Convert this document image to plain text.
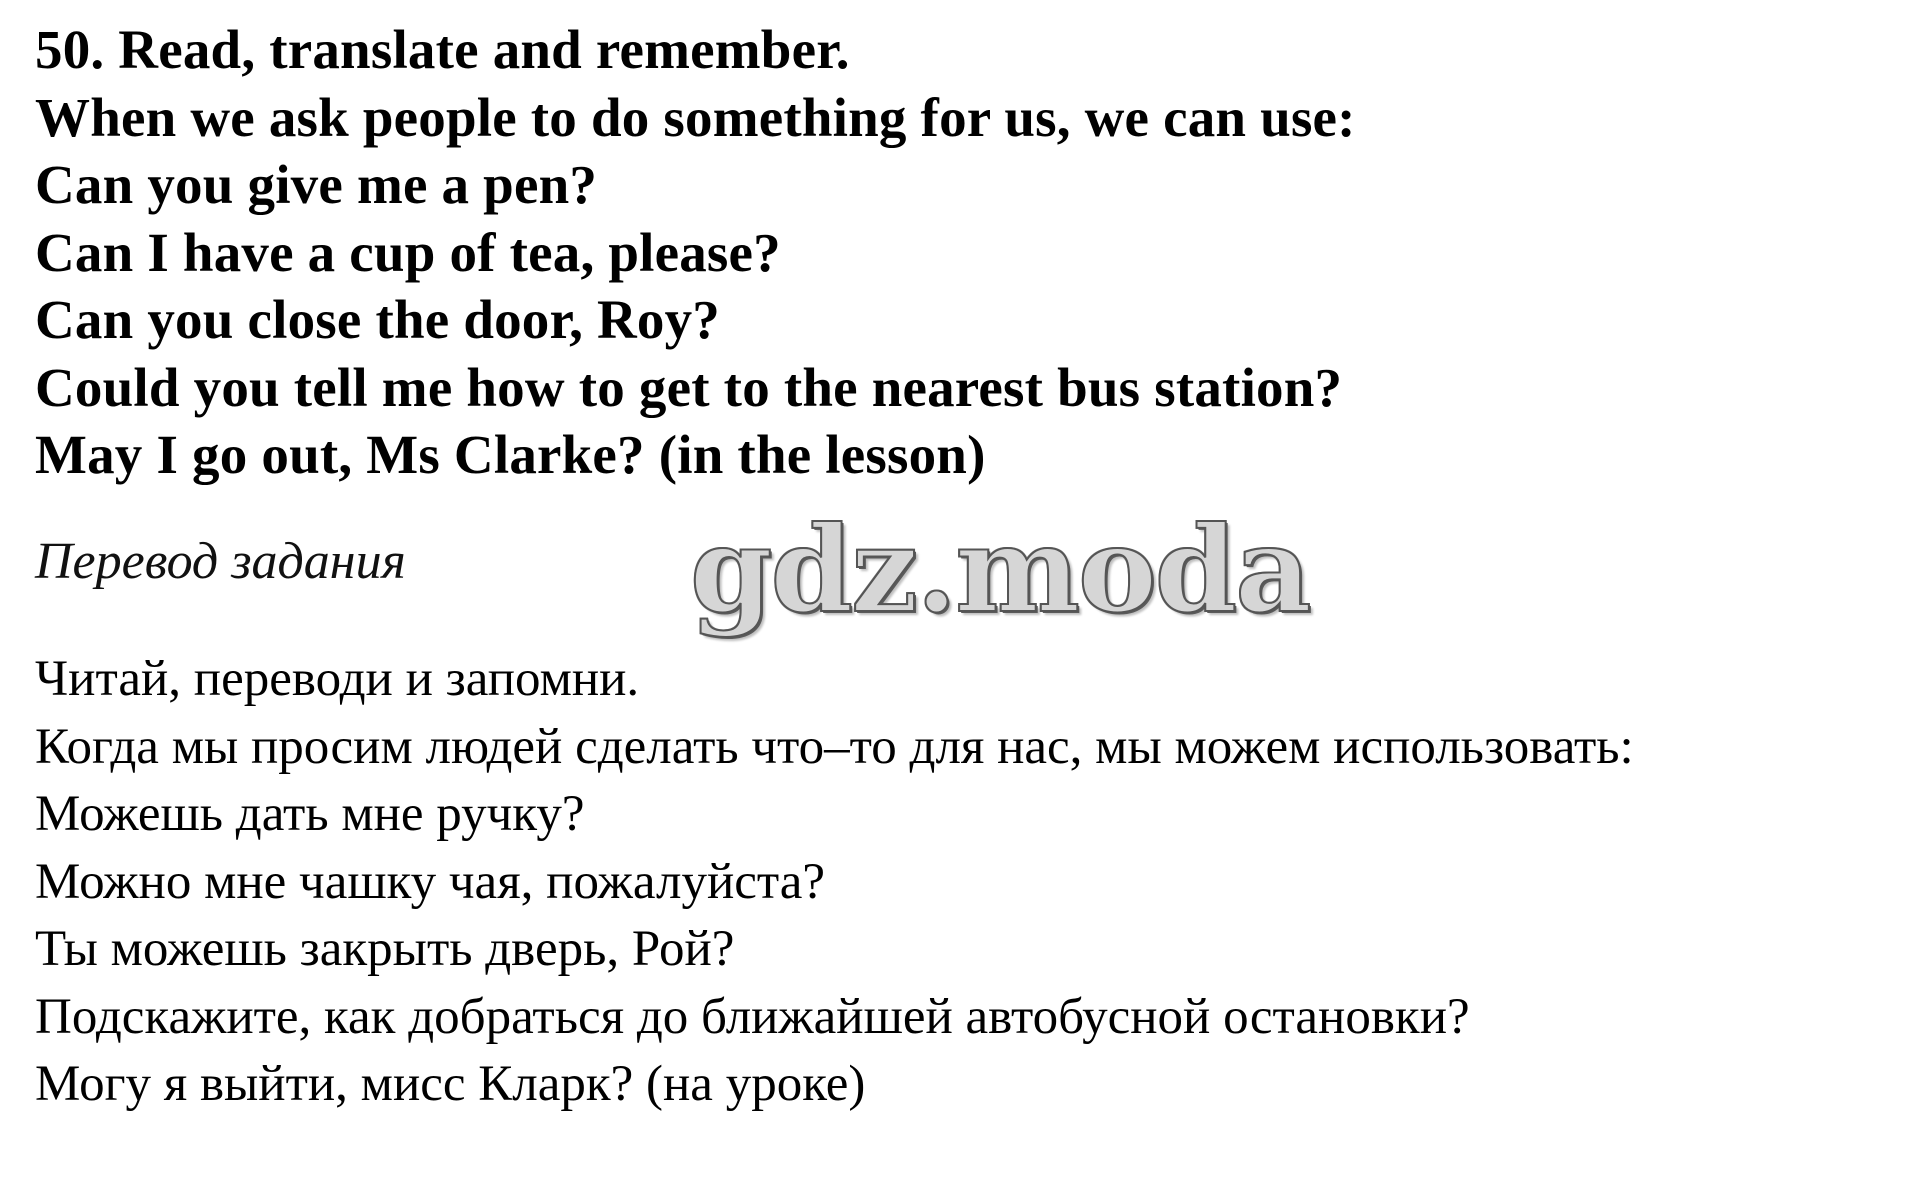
50. Read, translate and remember.
When we ask people to do something for us, we can use:
Can you give me a pen?
Can I have a cup of tea, please?
Can you close the door, Roy?
Could you tell me how to get to the nearest bus station?
May I go out, Ms Clarke? (in the lesson)
Перевод задания gdz.moda
Читай, переводи и запомни.
Когда мы просим людей сделать что–то для нас, мы можем использовать:
Можешь дать мне ручку?
Можно мне чашку чая, пожалуйста?
Ты можешь закрыть дверь, Рой?
Подскажите, как добраться до ближайшей автобусной остановки?
Могу я выйти, мисс Кларк? (на уроке)
